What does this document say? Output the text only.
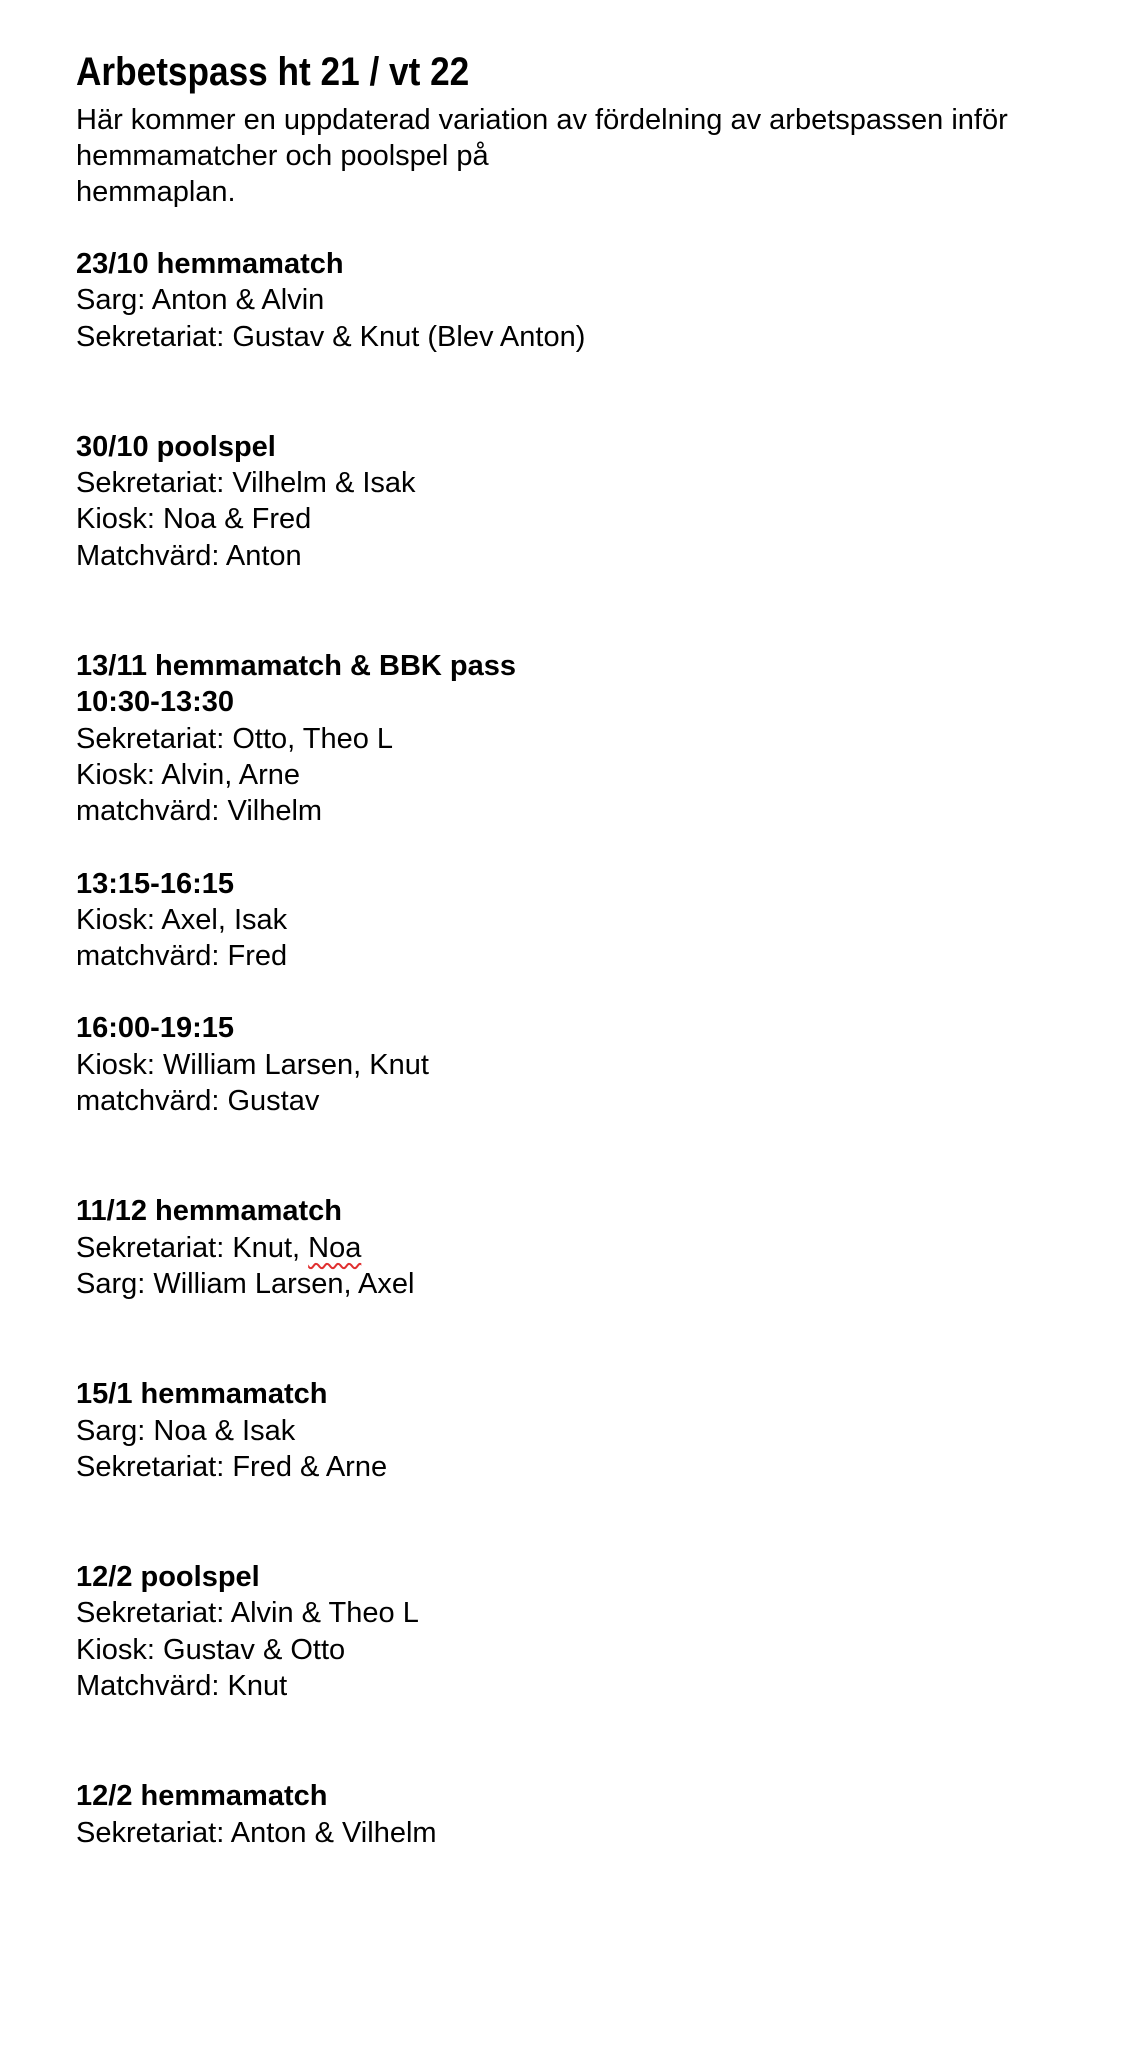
Arbetspass ht 21 / vt 22

Här kommer en uppdaterad variation av fördelning av arbetspassen inför
hemmamatcher och poolspel på
hemmaplan.

23/10 hemmamatch
Sarg: Anton & Alvin
Sekretariat: Gustav & Knut (Blev Anton)
30/10 poolspel
Sekretariat: Vilhelm & Isak
Kiosk: Noa & Fred
Matchvärd: Anton
13/11 hemmamatch & BBK pass
10:30-13:30
Sekretariat: Otto, Theo L
Kiosk: Alvin, Arne
matchvärd: Vilhelm
13:15-16:15
Kiosk: Axel, Isak
matchvärd: Fred
16:00-19:15
Kiosk: William Larsen, Knut
matchvärd: Gustav
11/12 hemmamatch
Sekretariat: Knut, Noa
Sarg: William Larsen, Axel
15/1 hemmamatch
Sarg: Noa & Isak
Sekretariat: Fred & Arne
12/2 poolspel
Sekretariat: Alvin & Theo L
Kiosk: Gustav & Otto
Matchvärd: Knut
12/2 hemmamatch
Sekretariat: Anton & Vilhelm
